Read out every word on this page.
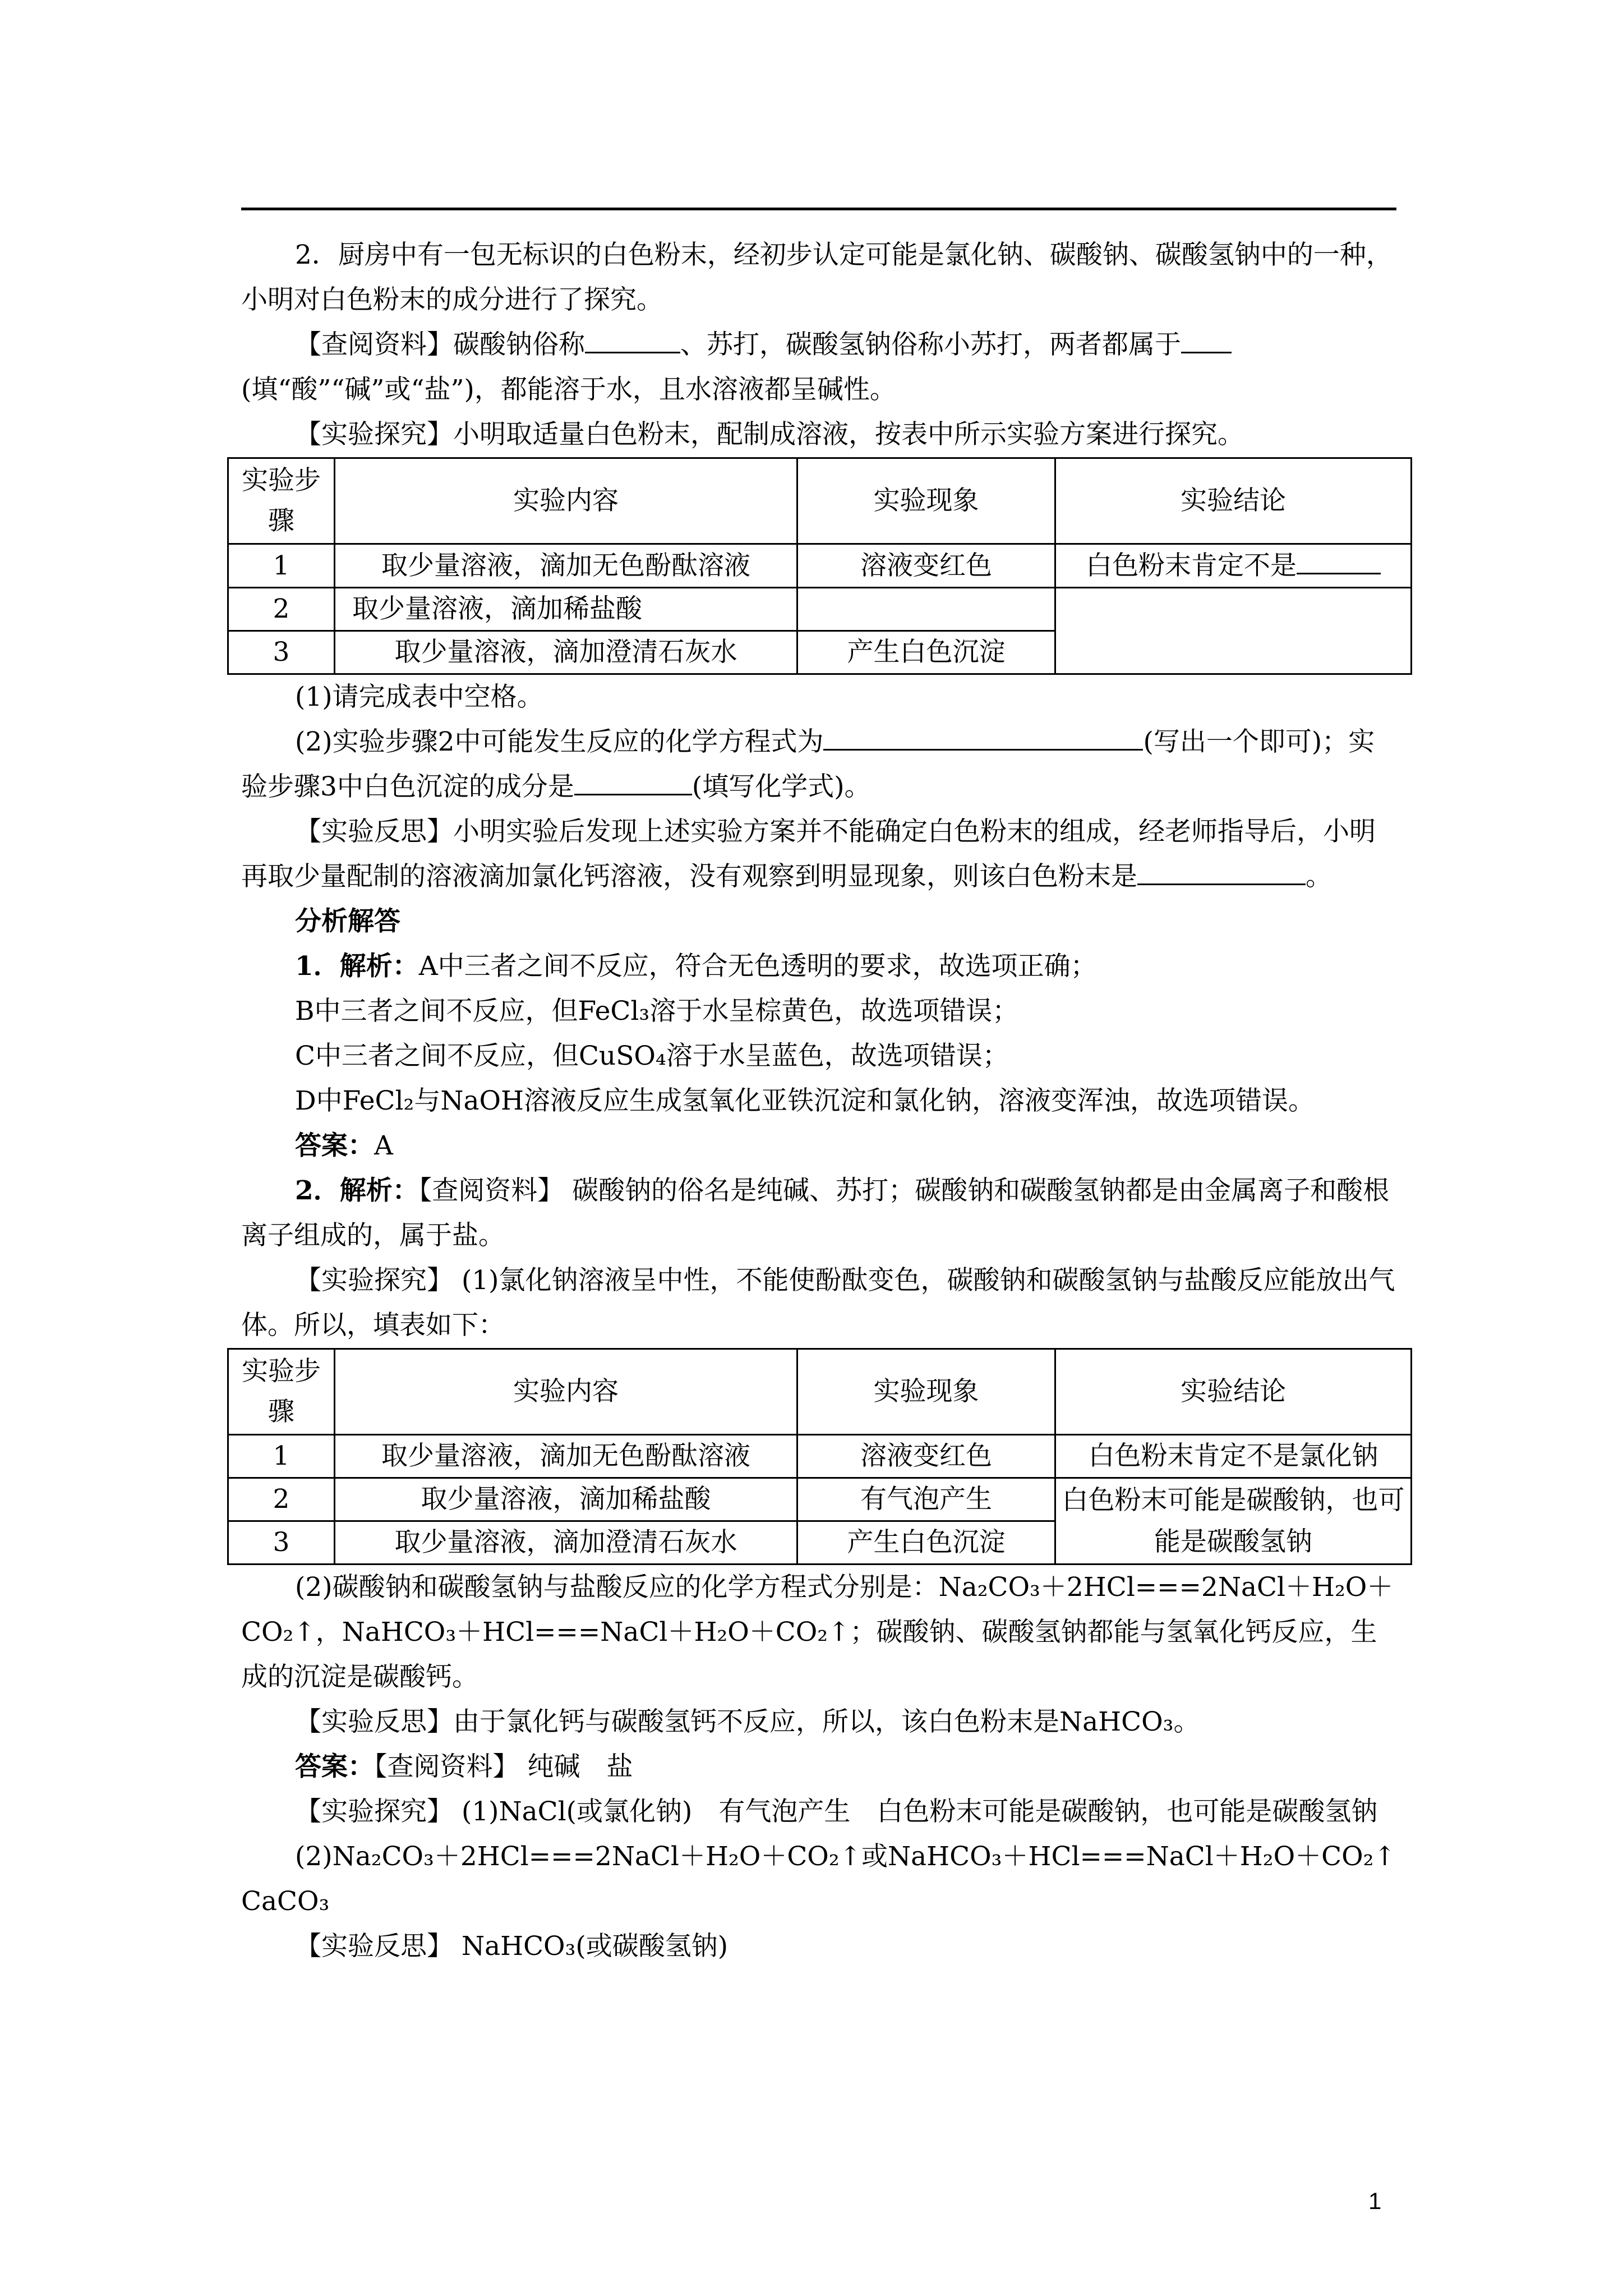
2．厨房中有一包无标识的白色粉末，经初步认定可能是氯化钠、碳酸钠、碳酸氢钠中的一种，小明对白色粉末的成分进行了探究。

【查阅资料】碳酸钠俗称	、苏打，碳酸氢钠俗称小苏打，两者都属于(填“酸”“碱”或“盐”)，都能溶于水，且水溶液都呈碱性。

【实验探究】小明取适量白色粉末，配制成溶液，按表中所示实验方案进行探究。

实验步骤	实验内容	实验现象	实验结论
1	取少量溶液，滴加无色酚酞溶液	溶液变红色	白色粉末肯定不是
2	取少量溶液，滴加稀盐酸		
3	取少量溶液，滴加澄清石灰水	产生白色沉淀	

(1)请完成表中空格。

(2)实验步骤2中可能发生反应的化学方程式为	(写出一个即可)；实验步骤3中白色沉淀的成分是	(填写化学式)。

【实验反思】小明实验后发现上述实验方案并不能确定白色粉末的组成，经老师指导后，小明再取少量配制的溶液滴加氯化钙溶液，没有观察到明显现象，则该白色粉末是	。

分析解答

1．解析：A中三者之间不反应，符合无色透明的要求，故选项正确；

B中三者之间不反应，但FeCl₃溶于水呈棕黄色，故选项错误；

C中三者之间不反应，但CuSO₄溶于水呈蓝色，故选项错误；

D中FeCl₂与NaOH溶液反应生成氢氧化亚铁沉淀和氯化钠，溶液变浑浊，故选项错误。

答案：A

2．解析：【查阅资料】 碳酸钠的俗名是纯碱、苏打；碳酸钠和碳酸氢钠都是由金属离子和酸根离子组成的，属于盐。

【实验探究】 (1)氯化钠溶液呈中性，不能使酚酞变色，碳酸钠和碳酸氢钠与盐酸反应能放出气体。所以，填表如下：

实验步骤	实验内容	实验现象	实验结论
1	取少量溶液，滴加无色酚酞溶液	溶液变红色	白色粉末肯定不是氯化钠
2	取少量溶液，滴加稀盐酸	有气泡产生	白色粉末可能是碳酸钠，也可能是碳酸氢钠
3	取少量溶液，滴加澄清石灰水	产生白色沉淀	

(2)碳酸钠和碳酸氢钠与盐酸反应的化学方程式分别是：Na₂CO₃＋2HCl===2NaCl＋H₂O＋CO₂↑，NaHCO₃＋HCl===NaCl＋H₂O＋CO₂↑；碳酸钠、碳酸氢钠都能与氢氧化钙反应，生成的沉淀是碳酸钙。

【实验反思】由于氯化钙与碳酸氢钙不反应，所以，该白色粉末是NaHCO₃。

答案：【查阅资料】 纯碱　盐

【实验探究】 (1)NaCl(或氯化钠)　有气泡产生　白色粉末可能是碳酸钠，也可能是碳酸氢钠

(2)Na₂CO₃＋2HCl===2NaCl＋H₂O＋CO₂↑或NaHCO₃＋HCl===NaCl＋H₂O＋CO₂↑　CaCO₃

【实验反思】 NaHCO₃(或碳酸氢钠)

1
